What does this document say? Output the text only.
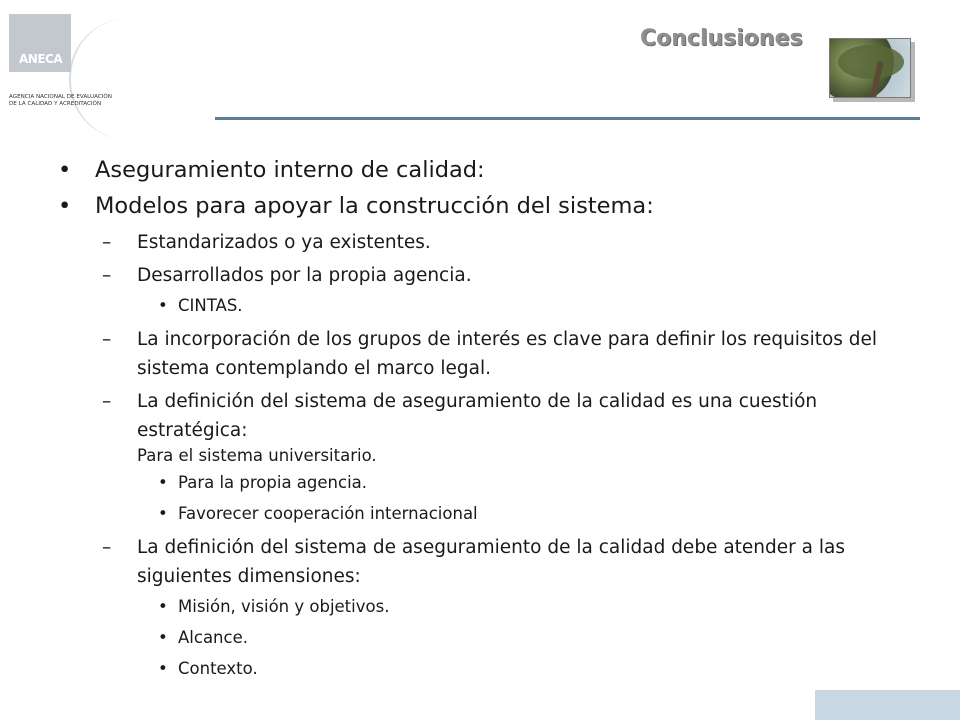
ANECA
AGENCIA NACIONAL DE EVALUACIÓN
DE LA CALIDAD Y ACREDITACIÓN
Conclusiones
• Aseguramiento interno de calidad:
• Modelos para apoyar la construcción del sistema:
– Estandarizados o ya existentes.
– Desarrollados por la propia agencia.
• CINTAS.
– La incorporación de los grupos de interés es clave para definir los requisitos del sistema contemplando el marco legal.
– La definición del sistema de aseguramiento de la calidad es una cuestión estratégica:
Para el sistema universitario.
• Para la propia agencia.
• Favorecer cooperación internacional
– La definición del sistema de aseguramiento de la calidad debe atender a las siguientes dimensiones:
• Misión, visión y objetivos.
• Alcance.
• Contexto.
